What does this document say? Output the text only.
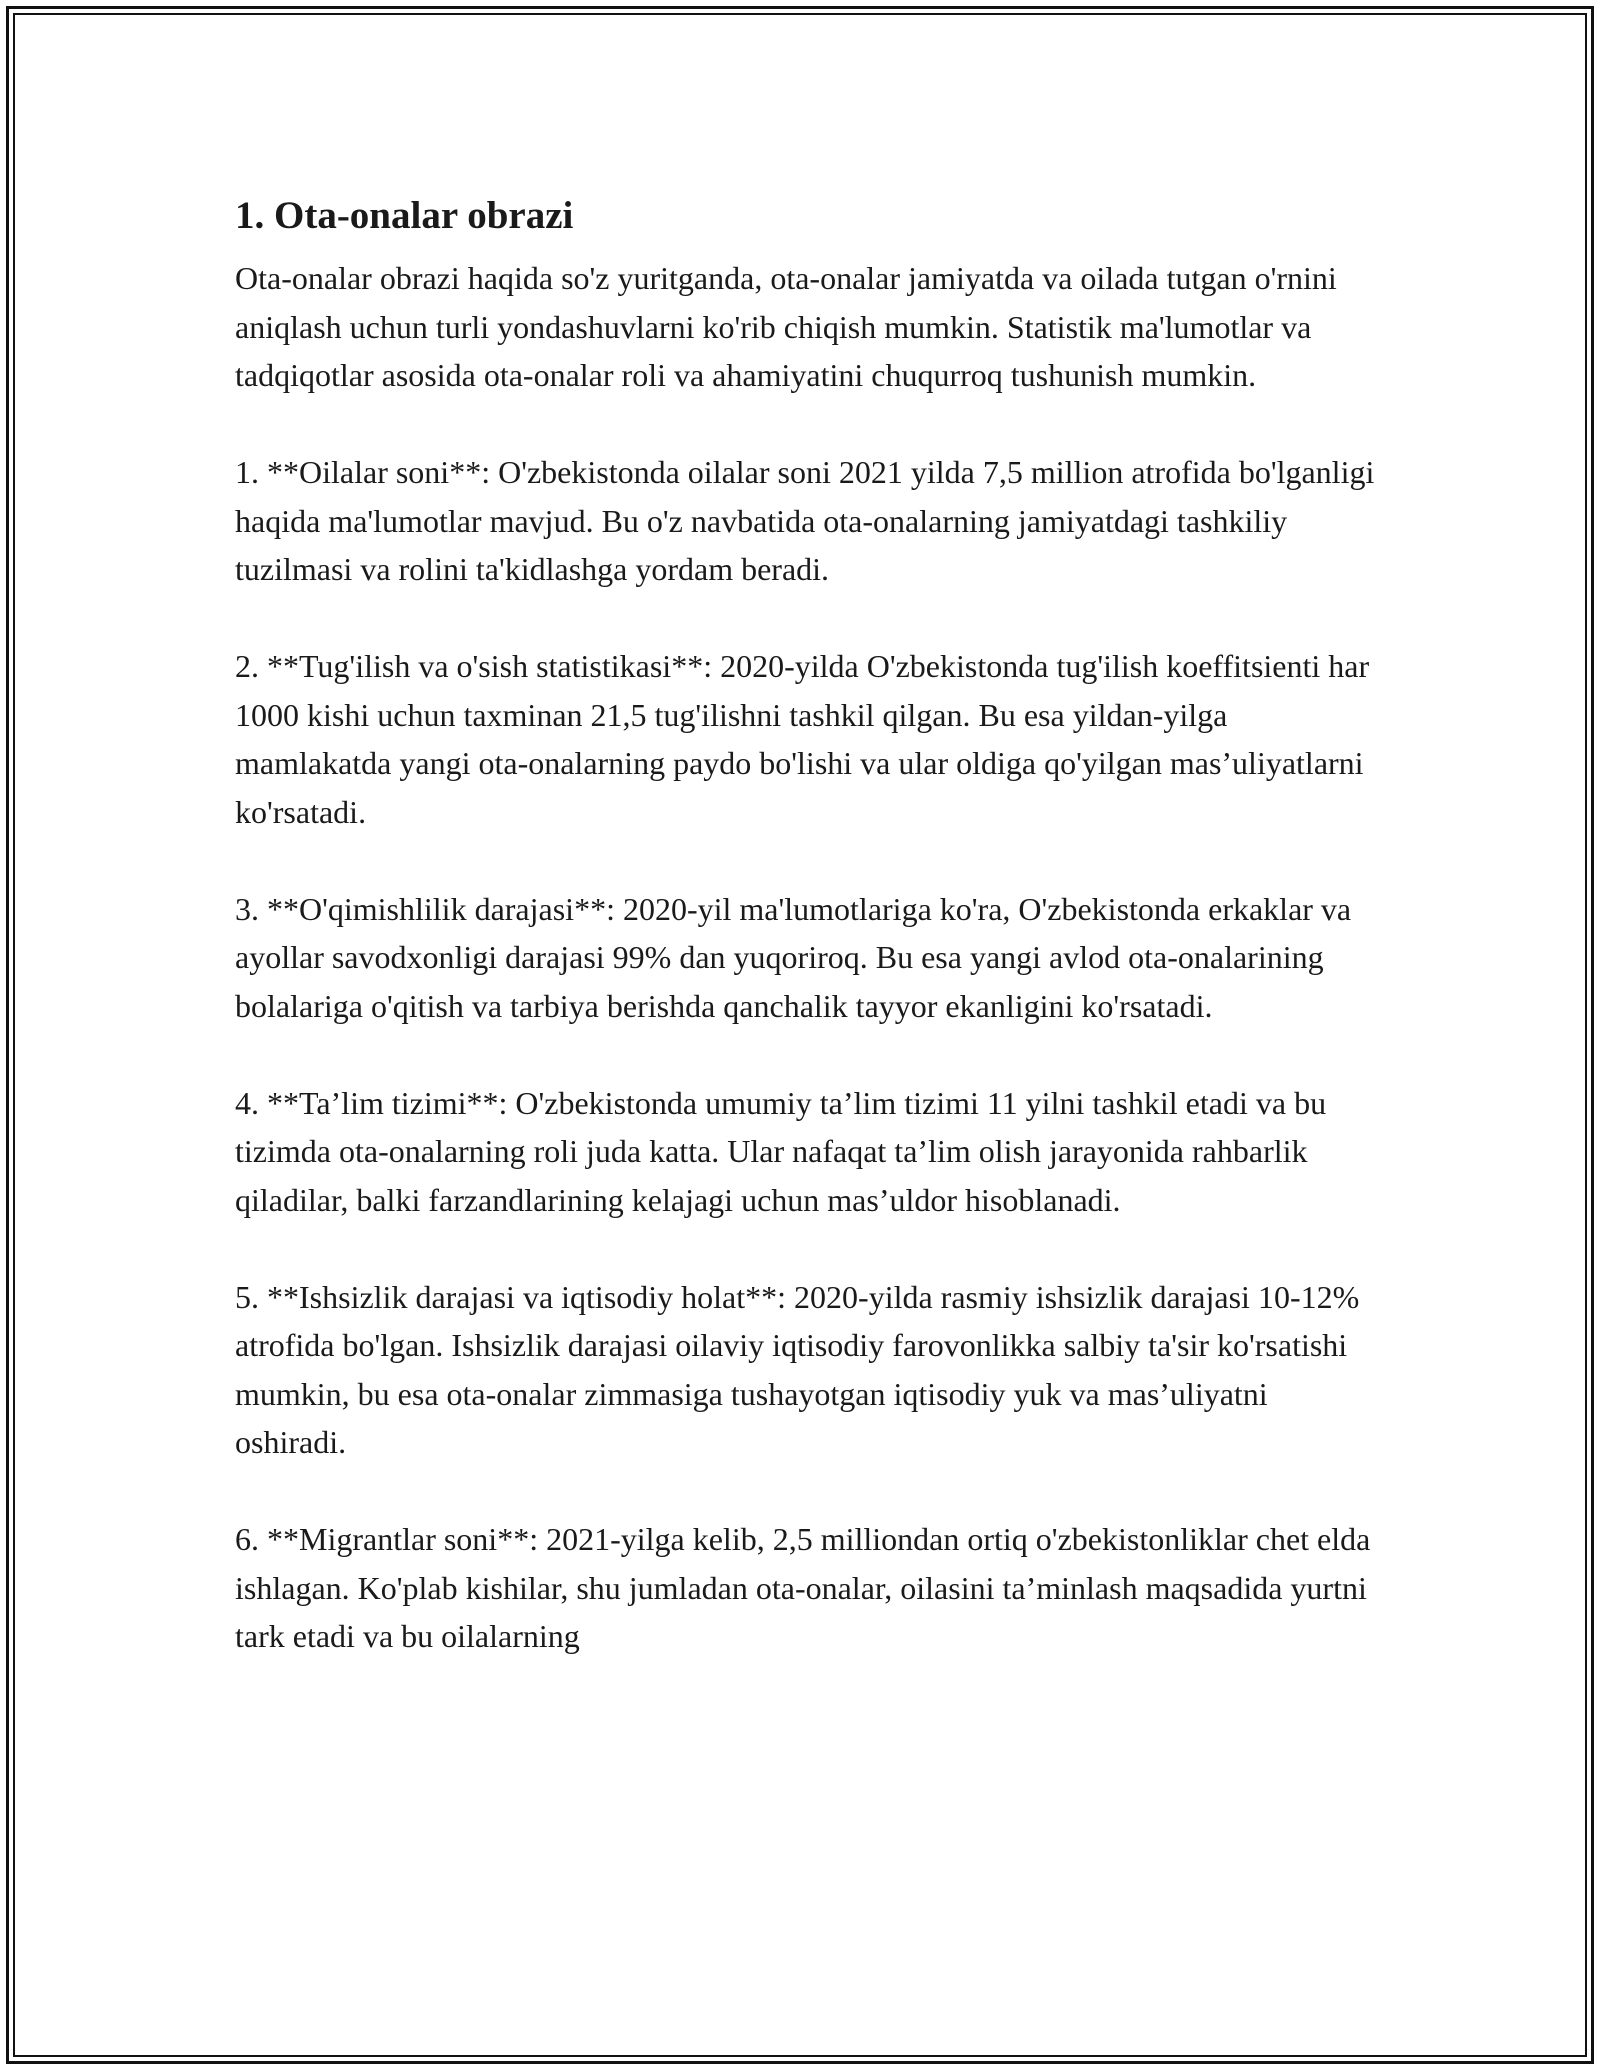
1. Ota-onalar obrazi

Ota-onalar obrazi haqida so'z yuritganda, ota-onalar jamiyatda va oilada tutgan o'rnini aniqlash uchun turli yondashuvlarni ko'rib chiqish mumkin. Statistik ma'lumotlar va tadqiqotlar asosida ota-onalar roli va ahamiyatini chuqurroq tushunish mumkin.

1. **Oilalar soni**: O'zbekistonda oilalar soni 2021 yilda 7,5 million atrofida bo'lganligi haqida ma'lumotlar mavjud. Bu o'z navbatida ota-onalarning jamiyatdagi tashkiliy tuzilmasi va rolini ta'kidlashga yordam beradi.

2. **Tug'ilish va o'sish statistikasi**: 2020-yilda O'zbekistonda tug'ilish koeffitsienti har 1000 kishi uchun taxminan 21,5 tug'ilishni tashkil qilgan. Bu esa yildan-yilga mamlakatda yangi ota-onalarning paydo bo'lishi va ular oldiga qo'yilgan mas’uliyatlarni ko'rsatadi.

3. **O'qimishlilik darajasi**: 2020-yil ma'lumotlariga ko'ra, O'zbekistonda erkaklar va ayollar savodxonligi darajasi 99% dan yuqoriroq. Bu esa yangi avlod ota-onalarining bolalariga o'qitish va tarbiya berishda qanchalik tayyor ekanligini ko'rsatadi.

4. **Ta’lim tizimi**: O'zbekistonda umumiy ta’lim tizimi 11 yilni tashkil etadi va bu tizimda ota-onalarning roli juda katta. Ular nafaqat ta’lim olish jarayonida rahbarlik qiladilar, balki farzandlarining kelajagi uchun mas’uldor hisoblanadi.

5. **Ishsizlik darajasi va iqtisodiy holat**: 2020-yilda rasmiy ishsizlik darajasi 10-12% atrofida bo'lgan. Ishsizlik darajasi oilaviy iqtisodiy farovonlikka salbiy ta'sir ko'rsatishi mumkin, bu esa ota-onalar zimmasiga tushayotgan iqtisodiy yuk va mas’uliyatni oshiradi.

6. **Migrantlar soni**: 2021-yilga kelib, 2,5 milliondan ortiq o'zbekistonliklar chet elda ishlagan. Ko'plab kishilar, shu jumladan ota-onalar, oilasini ta’minlash maqsadida yurtni tark etadi va bu oilalarning
